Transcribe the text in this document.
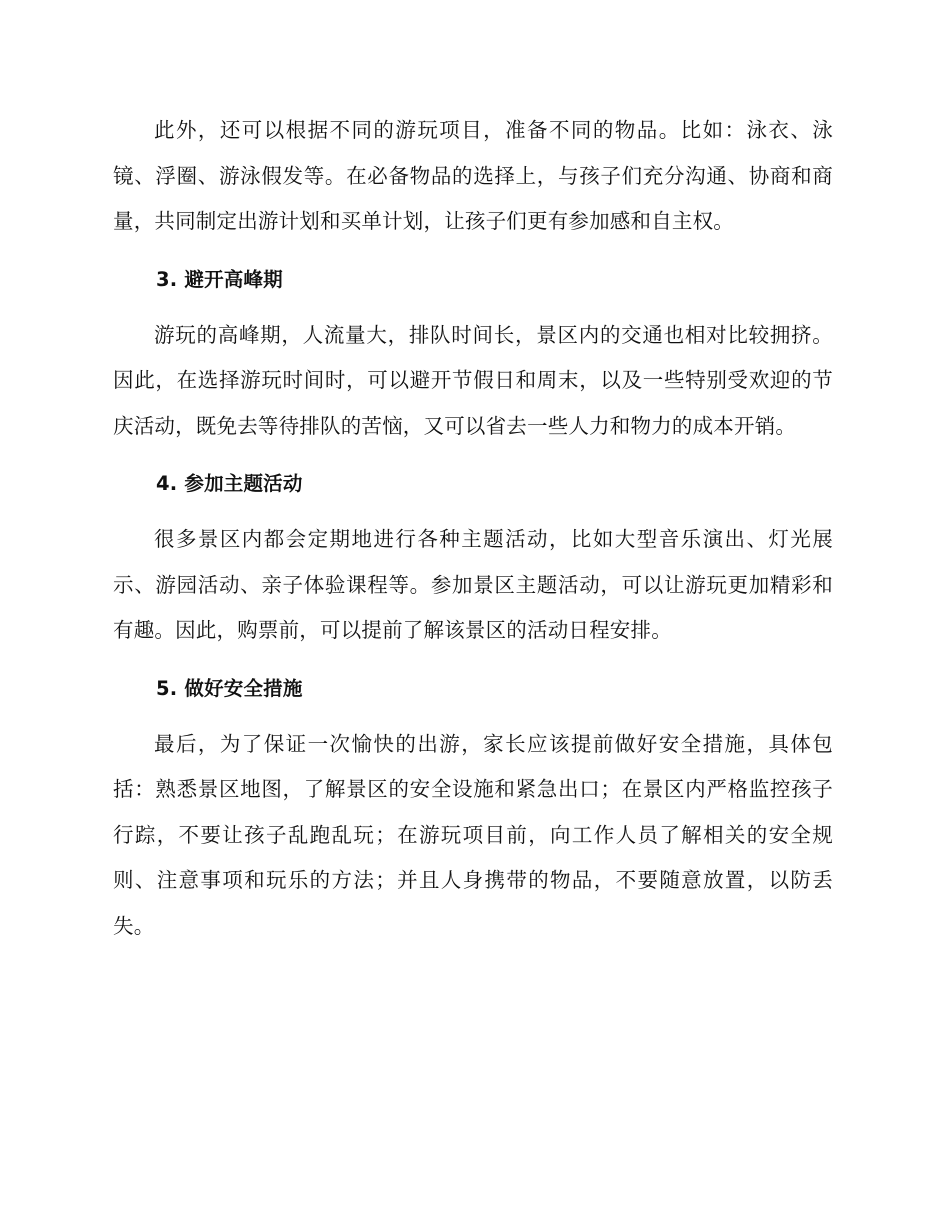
此外，还可以根据不同的游玩项目，准备不同的物品。比如：泳衣、泳镜、浮圈、游泳假发等。在必备物品的选择上，与孩子们充分沟通、协商和商量，共同制定出游计划和买单计划，让孩子们更有参加感和自主权。

3. 避开高峰期

游玩的高峰期，人流量大，排队时间长，景区内的交通也相对比较拥挤。因此，在选择游玩时间时，可以避开节假日和周末，以及一些特别受欢迎的节庆活动，既免去等待排队的苦恼，又可以省去一些人力和物力的成本开销。

4. 参加主题活动

很多景区内都会定期地进行各种主题活动，比如大型音乐演出、灯光展示、游园活动、亲子体验课程等。参加景区主题活动，可以让游玩更加精彩和有趣。因此，购票前，可以提前了解该景区的活动日程安排。

5. 做好安全措施

最后，为了保证一次愉快的出游，家长应该提前做好安全措施，具体包括：熟悉景区地图，了解景区的安全设施和紧急出口；在景区内严格监控孩子行踪，不要让孩子乱跑乱玩；在游玩项目前，向工作人员了解相关的安全规则、注意事项和玩乐的方法；并且人身携带的物品，不要随意放置，以防丢失。
